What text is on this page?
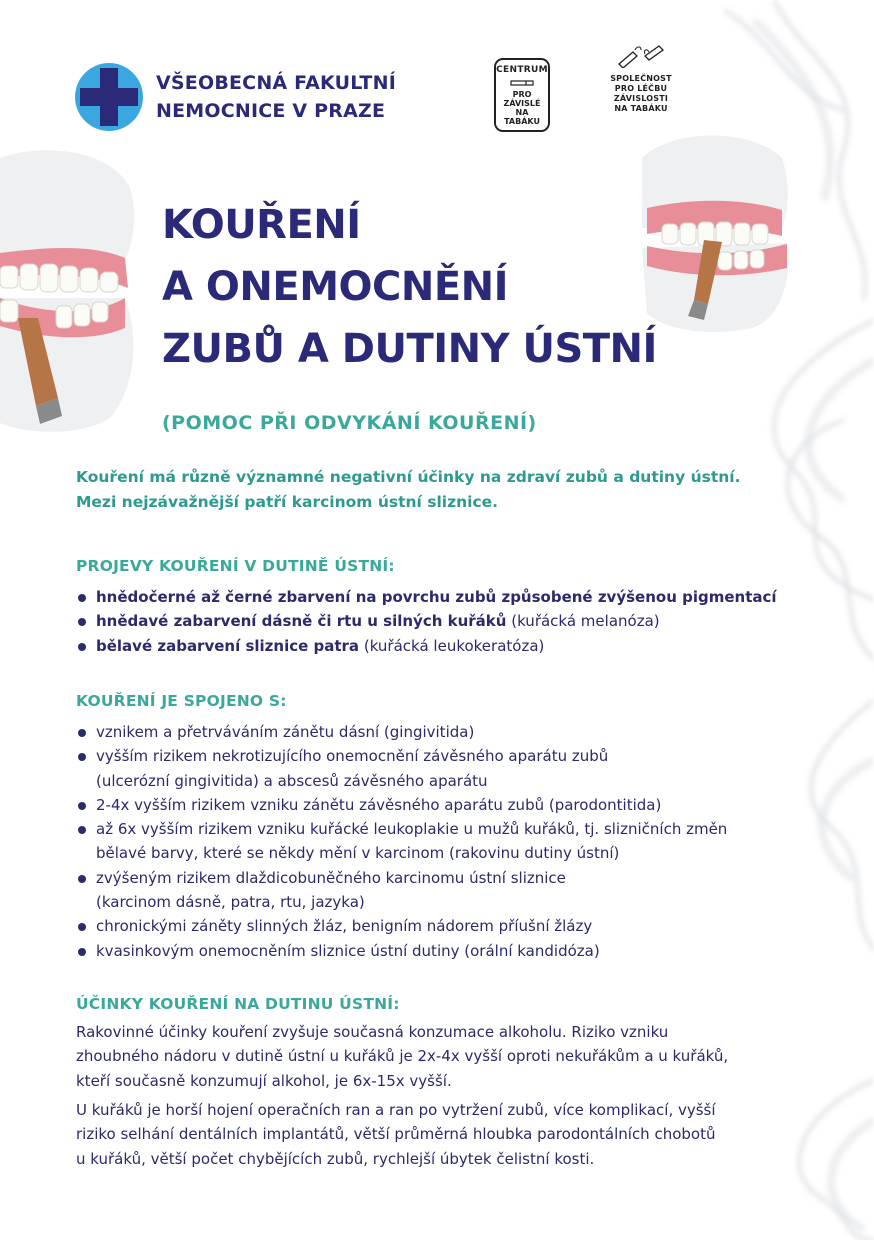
VŠEOBECNÁ FAKULTNÍ
NEMOCNICE V PRAZE
CENTRUM
PRO ZÁVISLÉ
NA TABÁKU
SPOLEČNOST
PRO LÉČBU
ZÁVISLOSTI
NA TABÁKU
KOUŘENÍ
A ONEMOCNĚNÍ
ZUBŮ A DUTINY ÚSTNÍ
(POMOC PŘI ODVYKÁNÍ KOUŘENÍ)
Kouření má různě významné negativní účinky na zdraví zubů a dutiny ústní.
Mezi nejzávažnější patří karcinom ústní sliznice.
PROJEVY KOUŘENÍ V DUTINĚ ÚSTNÍ:
hnědočerné až černé zbarvení na povrchu zubů způsobené zvýšenou pigmentací
hnědavé zabarvení dásně či rtu u silných kuřáků (kuřácká melanóza)
bělavé zabarvení sliznice patra (kuřácká leukokeratóza)
KOUŘENÍ JE SPOJENO S:
vznikem a přetrváváním zánětu dásní (gingivitida)
vyšším rizikem nekrotizujícího onemocnění závěsného aparátu zubů
(ulcerózní gingivitida) a abscesů závěsného aparátu
2-4x vyšším rizikem vzniku zánětu závěsného aparátu zubů (parodontitida)
až 6x vyšším rizikem vzniku kuřácké leukoplakie u mužů kuřáků, tj. slizničních změn
bělavé barvy, které se někdy mění v karcinom (rakovinu dutiny ústní)
zvýšeným rizikem dlaždicobuněčného karcinomu ústní sliznice
(karcinom dásně, patra, rtu, jazyka)
chronickými záněty slinných žláz, benigním nádorem příušní žlázy
kvasinkovým onemocněním sliznice ústní dutiny (orální kandidóza)
ÚČINKY KOUŘENÍ NA DUTINU ÚSTNÍ:
Rakovinné účinky kouření zvyšuje současná konzumace alkoholu. Riziko vzniku
zhoubného nádoru v dutině ústní u kuřáků je 2x-4x vyšší oproti nekuřákům a u kuřáků,
kteří současně konzumují alkohol, je 6x-15x vyšší.
U kuřáků je horší hojení operačních ran a ran po vytržení zubů, více komplikací, vyšší
riziko selhání dentálních implantátů, větší průměrná hloubka parodontálních chobotů
u kuřáků, větší počet chybějících zubů, rychlejší úbytek čelistní kosti.
